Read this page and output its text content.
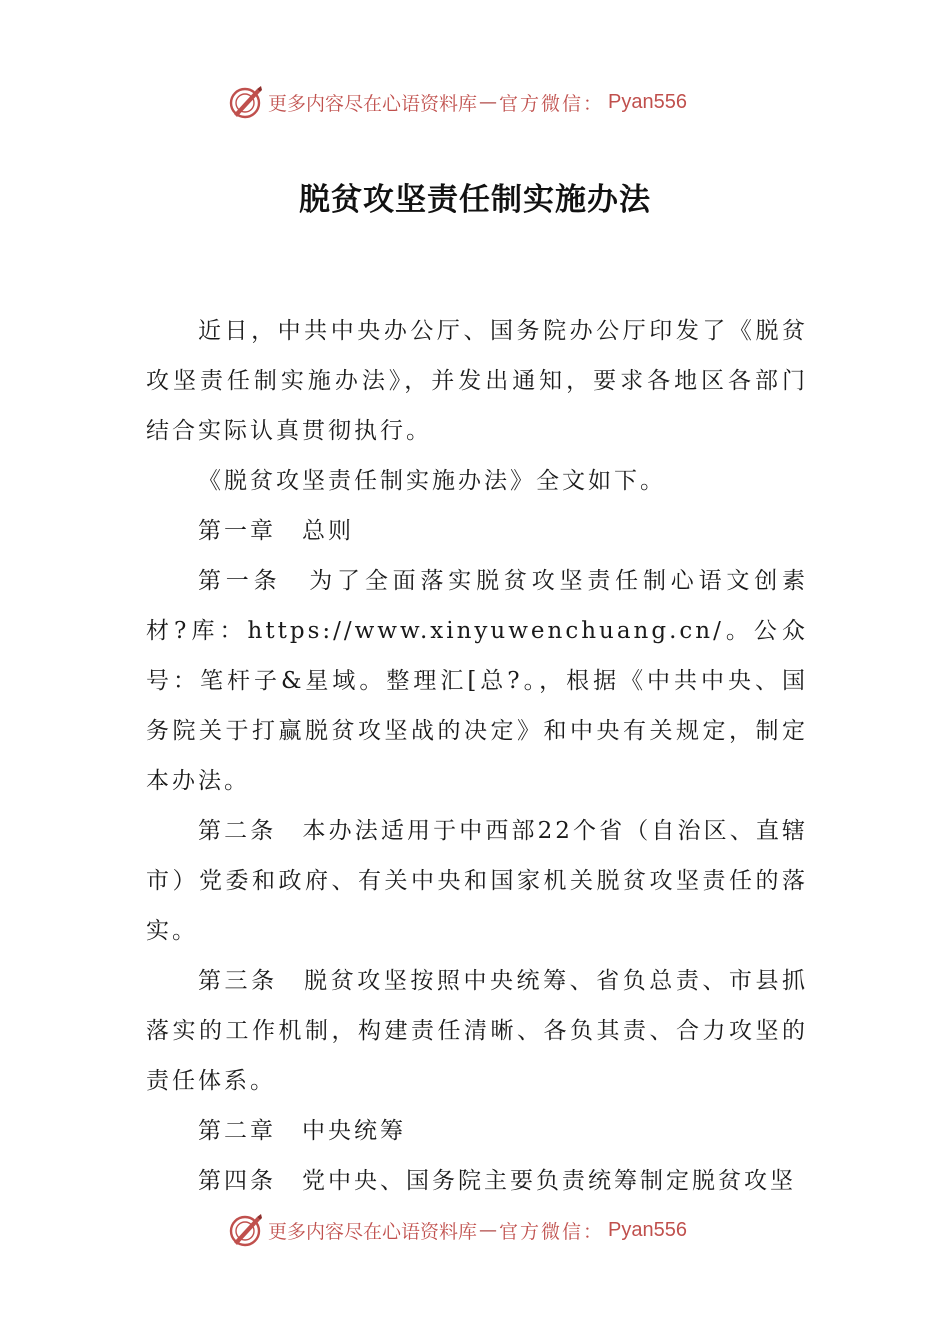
更多内容尽在心语资料库 — 官方微信： Pyan556
脱贫攻坚责任制实施办法

近日，中共中央办公厅、国务院办公厅印发了《脱贫攻坚责任制实施办法》，并发出通知，要求各地区各部门结合实际认真贯彻执行。

《脱贫攻坚责任制实施办法》全文如下。

第一章　总则

第一条　为了全面落实脱贫攻坚责任制心语文创素材?库：https://www.xinyuwenchuang.cn/。公众号：笔杆子&星域。整理汇[总?。，根据《中共中央、国务院关于打赢脱贫攻坚战的决定》和中央有关规定，制定本办法。

第二条　本办法适用于中西部22个省（自治区、直辖市）党委和政府、有关中央和国家机关脱贫攻坚责任的落实。

第三条　脱贫攻坚按照中央统筹、省负总责、市县抓落实的工作机制，构建责任清晰、各负其责、合力攻坚的责任体系。

第二章　中央统筹

第四条　党中央、国务院主要负责统筹制定脱贫攻坚

更多内容尽在心语资料库 — 官方微信： Pyan556
